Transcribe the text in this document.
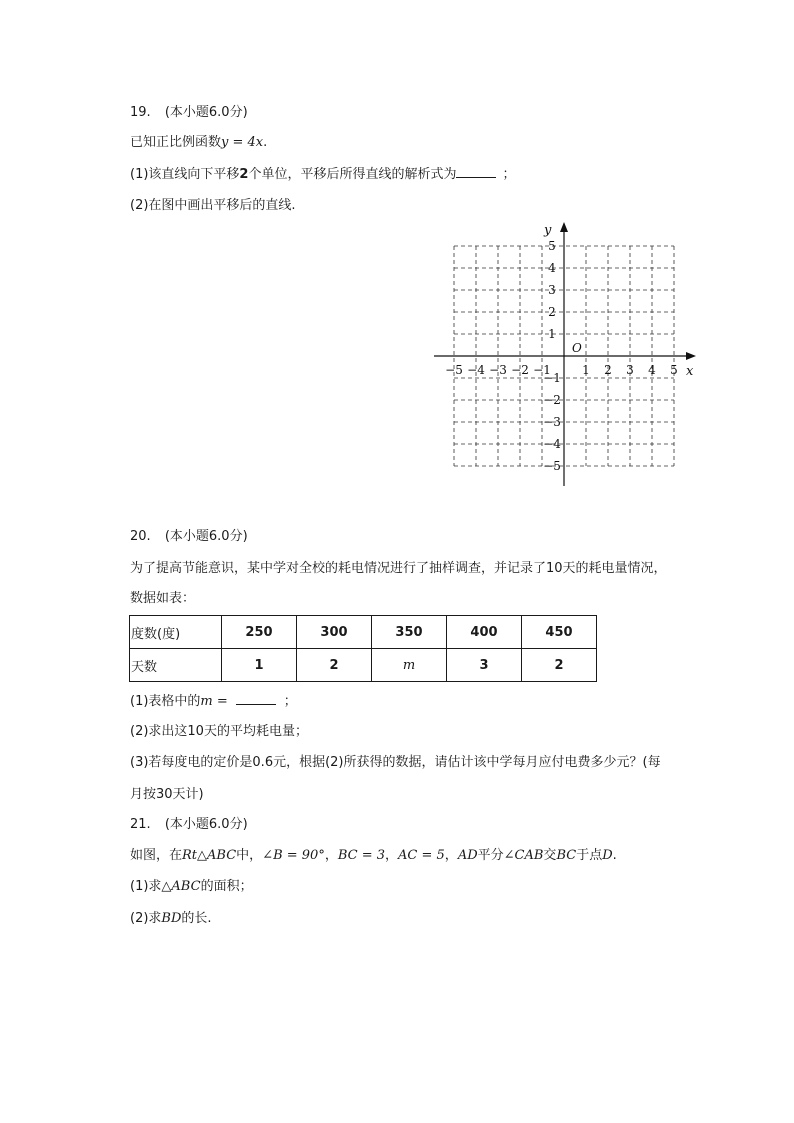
19. (本小题6.0分)
已知正比例函数y = 4x.
(1)该直线向下平移2个单位，平移后所得直线的解析式为	；
(2)在图中画出平移后的直线.
−5 −4 −3 −2 −1	1 2 3 4 5
5
4
3
2
1
−1
−2
−3
−4
−5
O
x
y
20. (本小题6.0分)
为了提高节能意识，某中学对全校的耗电情况进行了抽样调查，并记录了10天的耗电量情况，
数据如表：
度数(度)	250	300	350	400	450
天数	1	2	m	3	2
(1)表格中的m =	；
(2)求出这10天的平均耗电量；
(3)若每度电的定价是0.6元，根据(2)所获得的数据，请估计该中学每月应付电费多少元？(每
月按30天计)
21. (本小题6.0分)
如图，在Rt△ABC中，∠B = 90°，BC = 3，AC = 5，AD平分∠CAB交BC于点D.
(1)求△ABC的面积；
(2)求BD的长.
